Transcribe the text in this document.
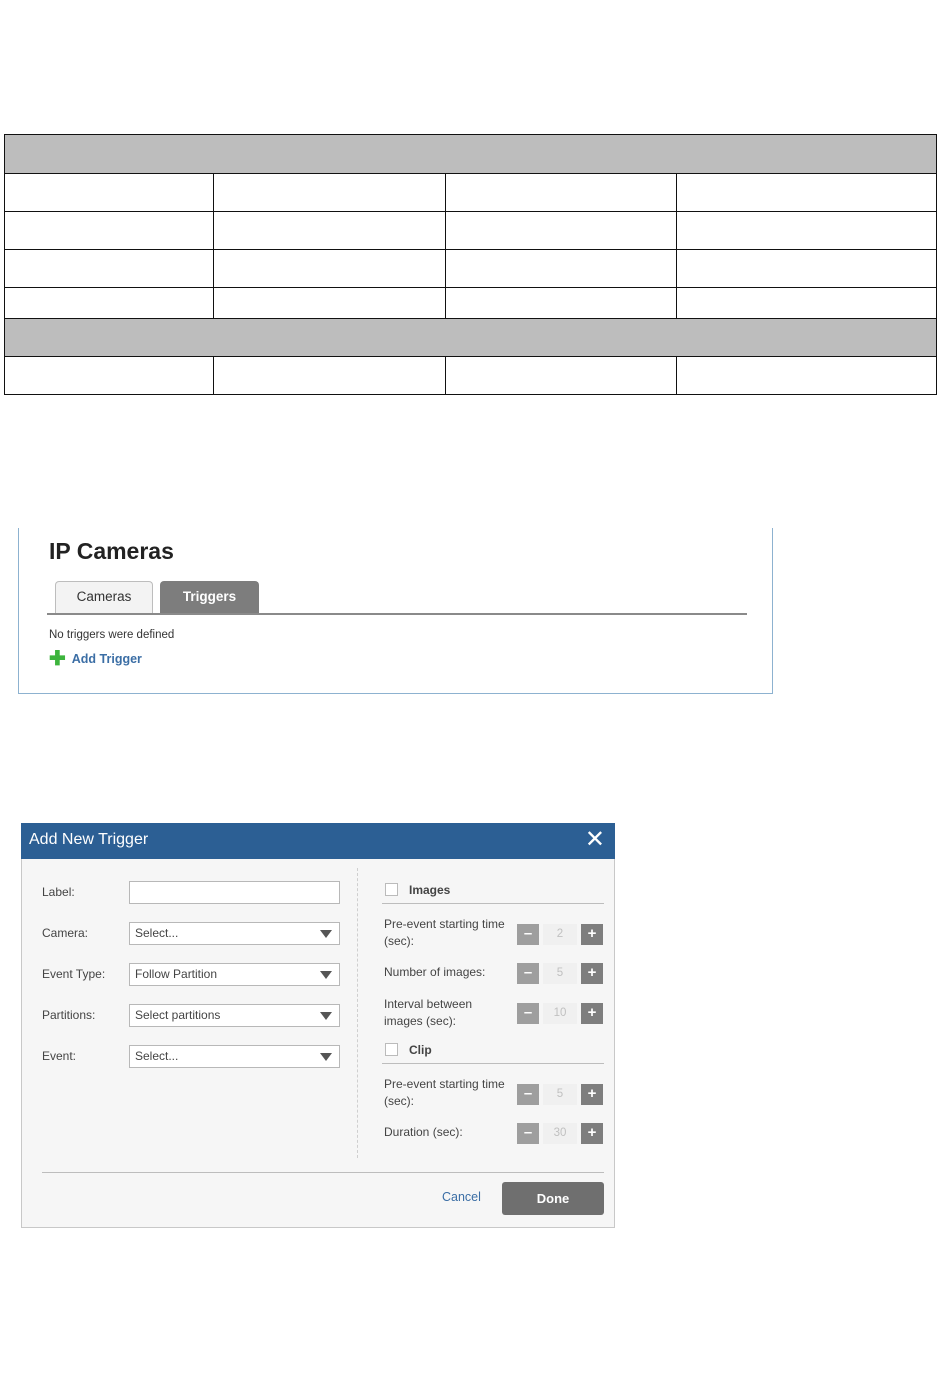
IP Cameras
Cameras	Triggers
No triggers were defined
✚ Add Trigger
Add New Trigger	✕
Label:
Camera:	Select...
Event Type:	Follow Partition
Partitions:	Select partitions
Event:	Select...
Images
Pre-event starting time (sec):	–	2	+
Number of images:	–	5	+
Interval between images (sec):	–	10	+
Clip
Pre-event starting time (sec):	–	5	+
Duration (sec):	–	30	+
Cancel	Done
